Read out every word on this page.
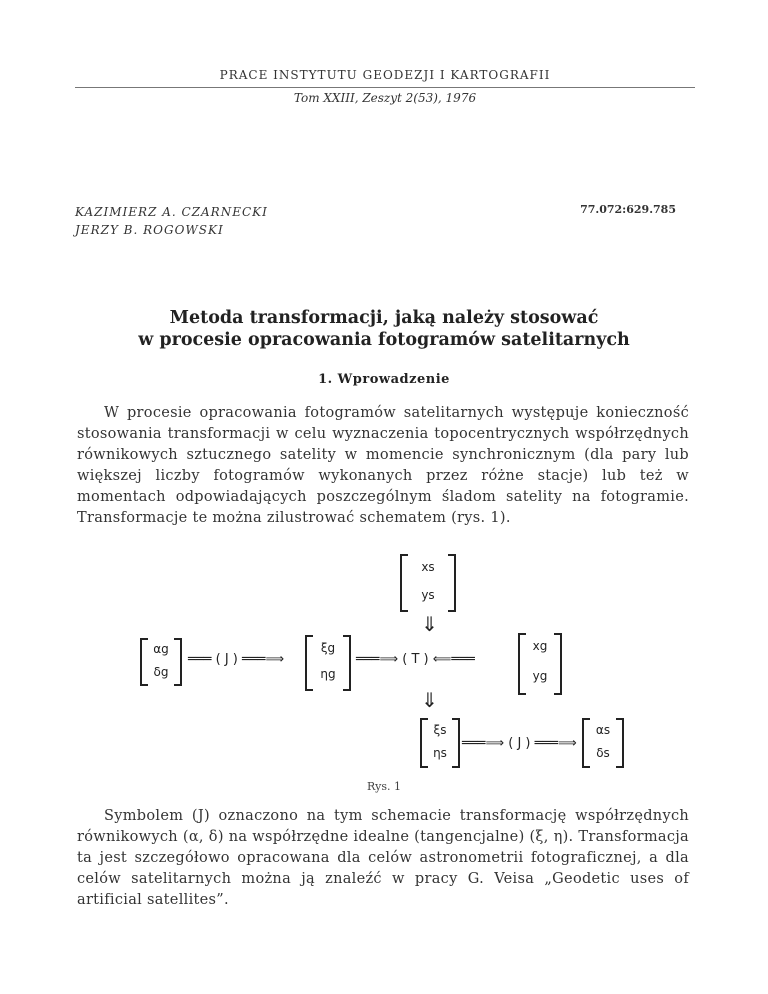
PRACE INSTYTUTU GEODEZJI I KARTOGRAFII
Tom XXIII, Zeszyt 2(53), 1976
KAZIMIERZ A. CZARNECKI
JERZY B. ROGOWSKI
77.072:629.785
Metoda transformacji, jaką należy stosować
w procesie opracowania fotogramów satelitarnych
1. Wprowadzenie
W procesie opracowania fotogramów satelitarnych występuje konieczność stosowania transformacji w celu wyznaczenia topocentrycznych współrzędnych równikowych sztucznego satelity w momencie synchronicznym (dla pary lub większej liczby fotogramów wykonanych przez różne stacje) lub też w momentach odpowiadających poszczególnym śladom satelity na fotogramie. Transformacje te można zilustrować schematem (rys. 1).
xs
ys
⇓
αg
δg
═══ ( J ) ═══⟹
ξg
ηg
═══⟹ ( T ) ⟸═══
xg
yg
⇓
ξs
ηs
═══⟹ ( J ) ═══⟹
αs
δs
Rys. 1
Symbolem (J) oznaczono na tym schemacie transformację współrzędnych równikowych (α, δ) na współrzędne idealne (tangencjalne) (ξ, η). Transformacja ta jest szczegółowo opracowana dla celów astronometrii fotograficznej, a dla celów satelitarnych można ją znaleźć w pracy G. Veisa „Geodetic uses of artificial satellites”.
